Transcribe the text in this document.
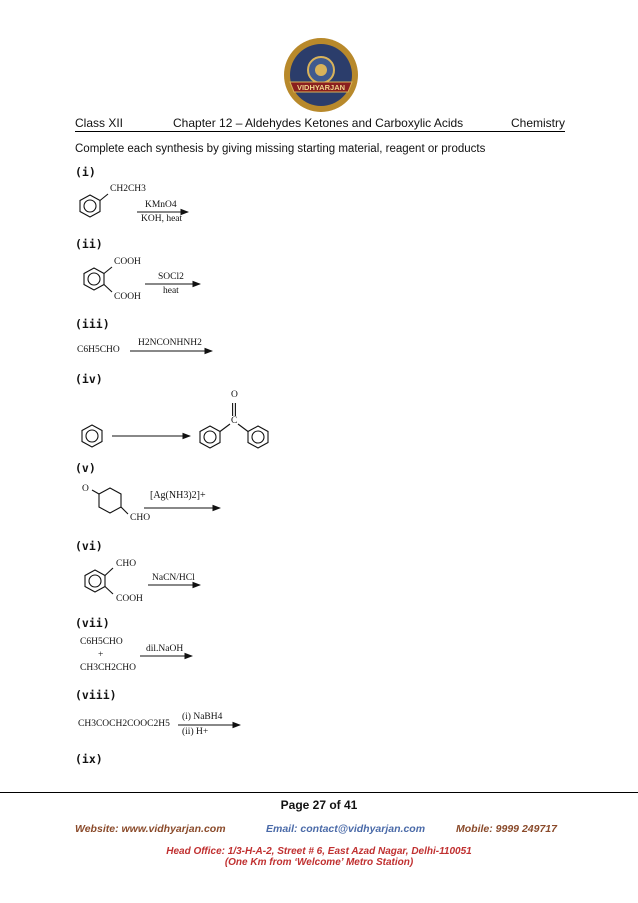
VIDHYARJAN
Class XII	Chapter 12 – Aldehydes Ketones and Carboxylic Acids	Chemistry
Complete each synthesis by giving missing starting material, reagent or products
(i)
(ii)
(iii)
(iv)
(v)
(vi)
(vii)
(viii)
(ix)
CH2CH3
KMnO4
KOH, heat
COOH
COOH
SOCl2
heat
C6H5CHO
H2NCONHNH2
O
C
O
CHO
[Ag(NH3)2]+
CHO
COOH
NaCN/HCl
C6H5CHO
+
CH3CH2CHO
dil.NaOH
CH3COCH2COOC2H5
(i) NaBH4
(ii) H+
Page 27 of 41
Website: www.vidhyarjan.com	Email: contact@vidhyarjan.com	Mobile: 9999 249717
Head Office: 1/3-H-A-2, Street # 6, East Azad Nagar, Delhi-110051
(One Km from ‘Welcome’ Metro Station)
